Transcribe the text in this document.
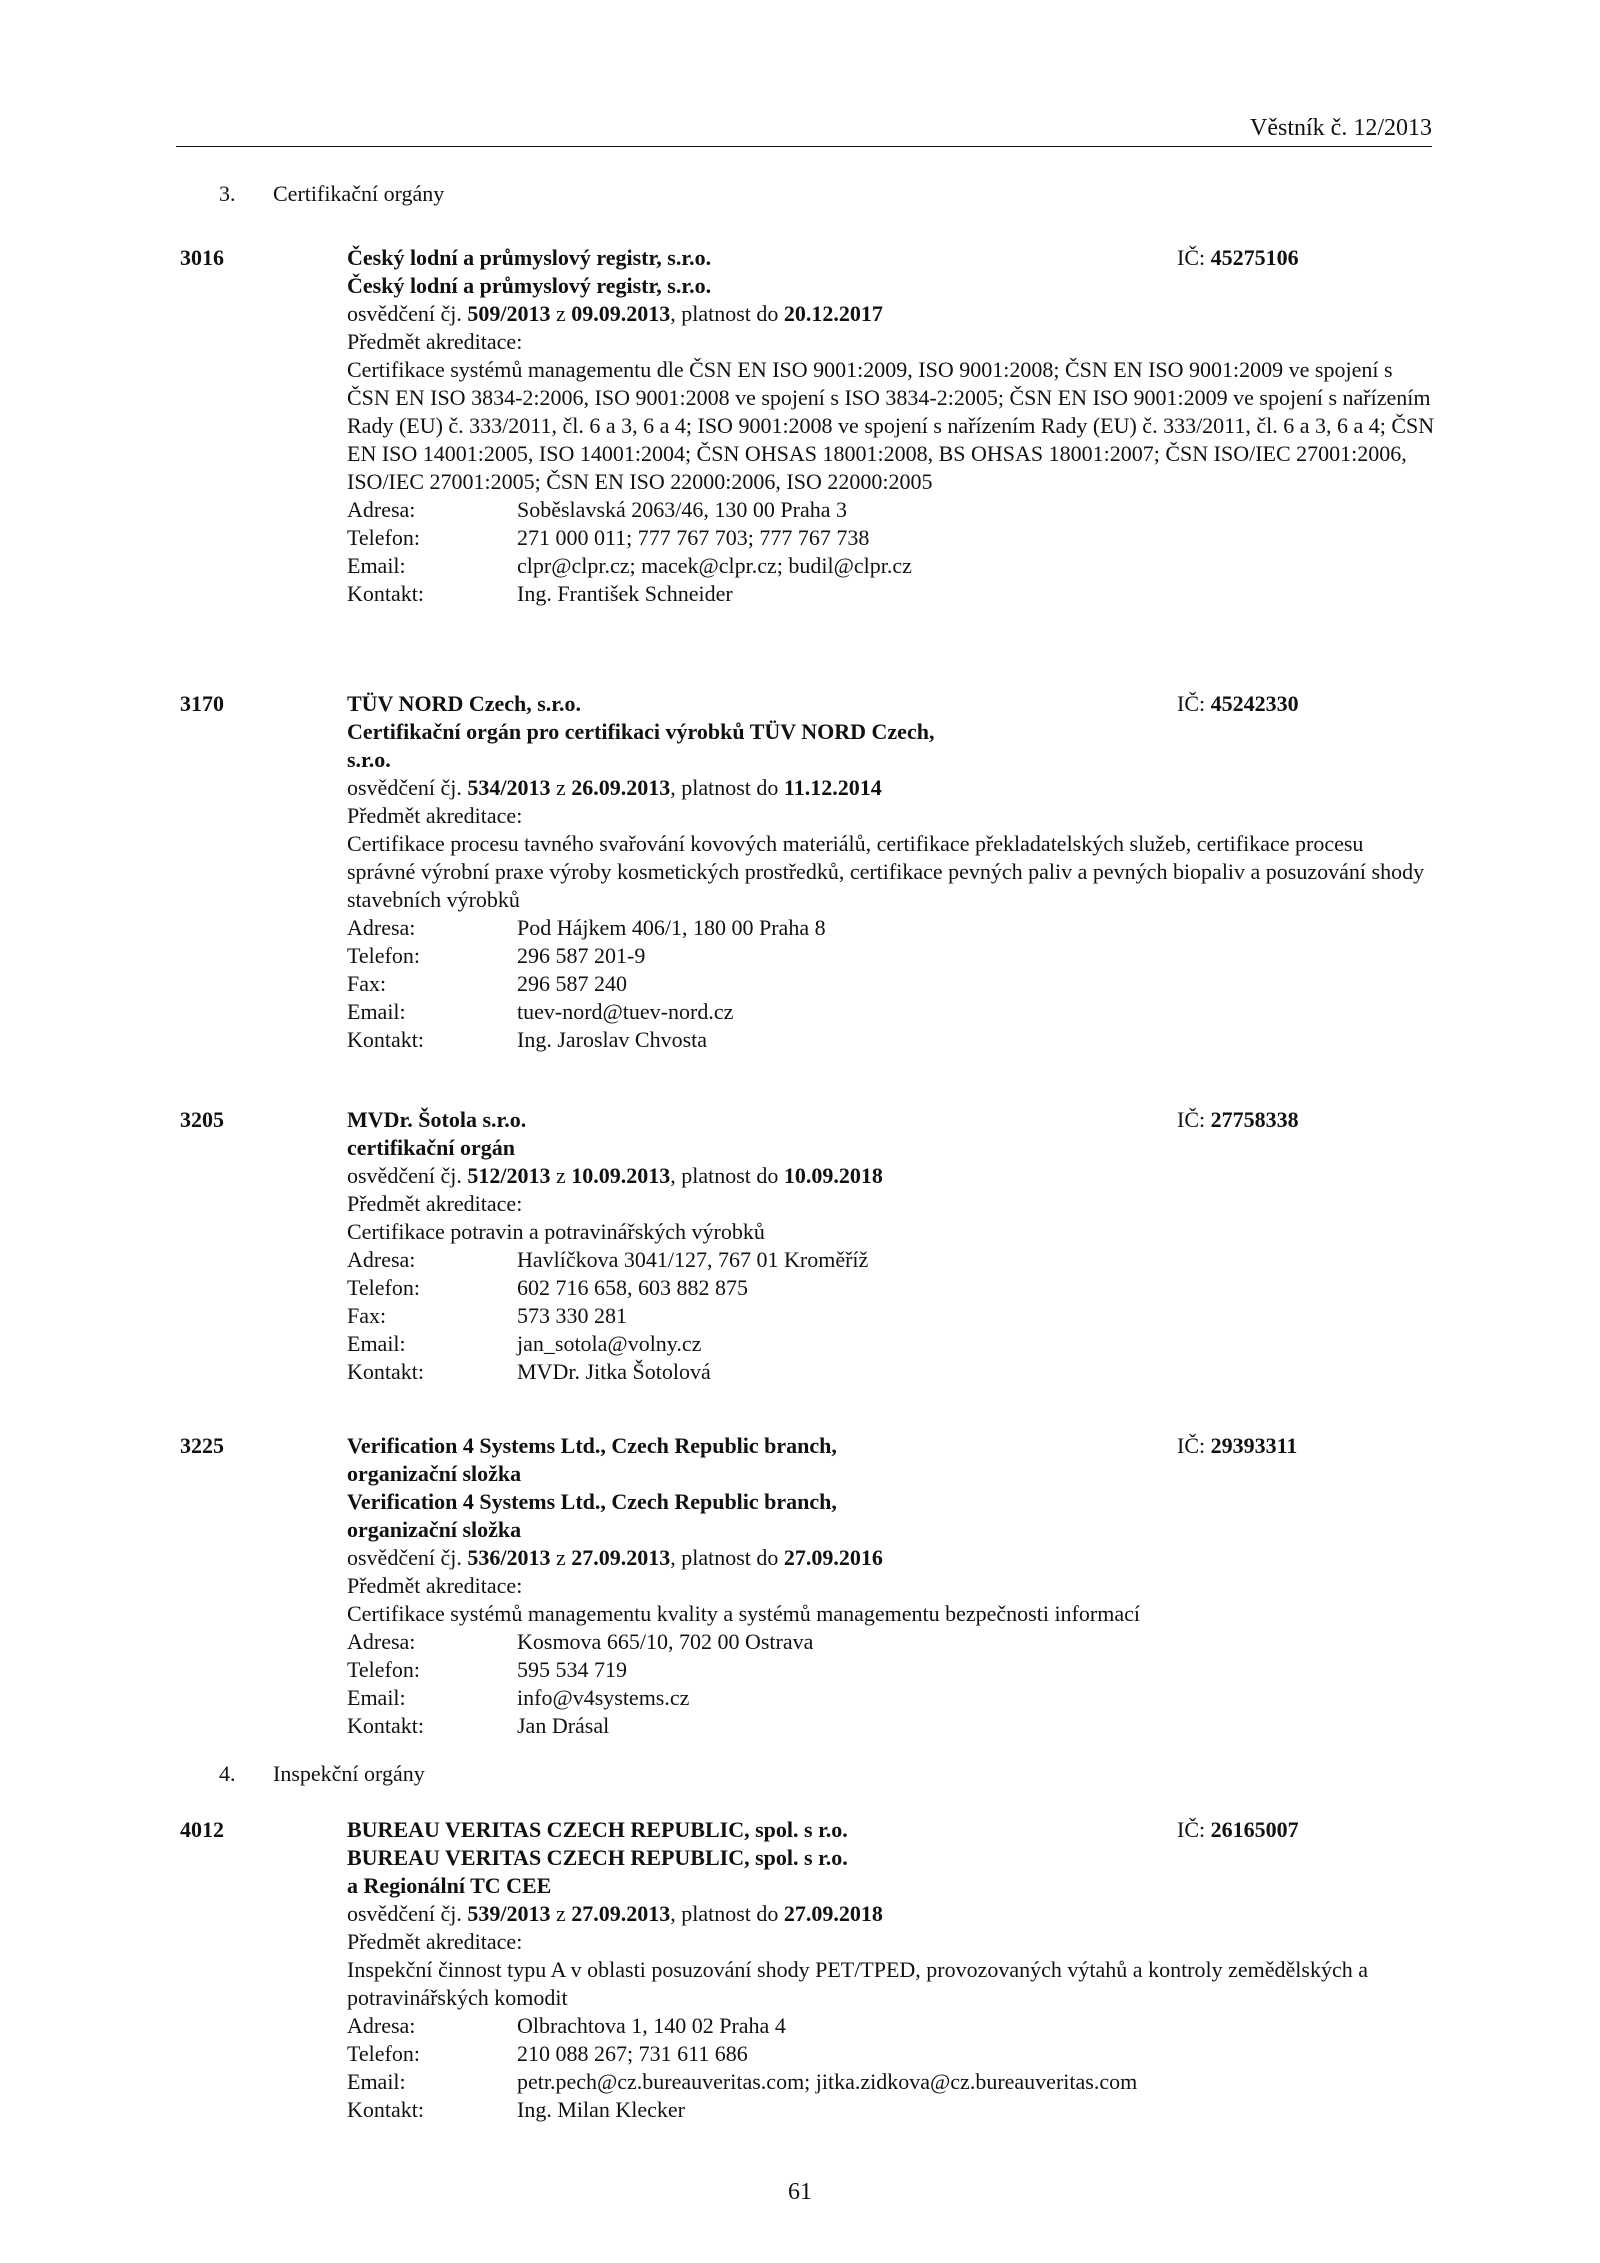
Věstník č. 12/2013
3. Certifikační orgány
3016	IČ: 45275106
Český lodní a průmyslový registr, s.r.o.
Český lodní a průmyslový registr, s.r.o.
osvědčení čj. 509/2013 z 09.09.2013, platnost do 20.12.2017
Předmět akreditace:
Certifikace systémů managementu dle ČSN EN ISO 9001:2009, ISO 9001:2008; ČSN EN ISO 9001:2009 ve spojení s ČSN EN ISO 3834-2:2006, ISO 9001:2008 ve spojení s ISO 3834-2:2005; ČSN EN ISO 9001:2009 ve spojení s nařízením Rady (EU) č. 333/2011, čl. 6 a 3, 6 a 4; ISO 9001:2008 ve spojení s nařízením Rady (EU) č. 333/2011, čl. 6 a 3, 6 a 4; ČSN EN ISO 14001:2005, ISO 14001:2004; ČSN OHSAS 18001:2008, BS OHSAS 18001:2007; ČSN ISO/IEC 27001:2006, ISO/IEC 27001:2005; ČSN EN ISO 22000:2006, ISO 22000:2005
Adresa:	Soběslavská 2063/46, 130 00 Praha 3
Telefon:	271 000 011; 777 767 703; 777 767 738
Email:	clpr@clpr.cz; macek@clpr.cz; budil@clpr.cz
Kontakt:	Ing. František Schneider
3170	IČ: 45242330
TÜV NORD Czech, s.r.o.
Certifikační orgán pro certifikaci výrobků TÜV NORD Czech,
s.r.o.
osvědčení čj. 534/2013 z 26.09.2013, platnost do 11.12.2014
Předmět akreditace:
Certifikace procesu tavného svařování kovových materiálů, certifikace překladatelských služeb, certifikace procesu správné výrobní praxe výroby kosmetických prostředků, certifikace pevných paliv a pevných biopaliv a posuzování shody stavebních výrobků
Adresa:	Pod Hájkem 406/1, 180 00 Praha 8
Telefon:	296 587 201-9
Fax:	296 587 240
Email:	tuev-nord@tuev-nord.cz
Kontakt:	Ing. Jaroslav Chvosta
3205	IČ: 27758338
MVDr. Šotola s.r.o.
certifikační orgán
osvědčení čj. 512/2013 z 10.09.2013, platnost do 10.09.2018
Předmět akreditace:
Certifikace potravin a potravinářských výrobků
Adresa:	Havlíčkova 3041/127, 767 01 Kroměříž
Telefon:	602 716 658, 603 882 875
Fax:	573 330 281
Email:	jan_sotola@volny.cz
Kontakt:	MVDr. Jitka Šotolová
3225	IČ: 29393311
Verification 4 Systems Ltd., Czech Republic branch,
organizační složka
Verification 4 Systems Ltd., Czech Republic branch,
organizační složka
osvědčení čj. 536/2013 z 27.09.2013, platnost do 27.09.2016
Předmět akreditace:
Certifikace systémů managementu kvality a systémů managementu bezpečnosti informací
Adresa:	Kosmova 665/10, 702 00 Ostrava
Telefon:	595 534 719
Email:	info@v4systems.cz
Kontakt:	Jan Drásal
4. Inspekční orgány
4012	IČ: 26165007
BUREAU VERITAS CZECH REPUBLIC, spol. s r.o.
BUREAU VERITAS CZECH REPUBLIC, spol. s r.o.
a Regionální TC CEE
osvědčení čj. 539/2013 z 27.09.2013, platnost do 27.09.2018
Předmět akreditace:
Inspekční činnost typu A v oblasti posuzování shody PET/TPED, provozovaných výtahů a kontroly zemědělských a potravinářských komodit
Adresa:	Olbrachtova 1, 140 02 Praha 4
Telefon:	210 088 267; 731 611 686
Email:	petr.pech@cz.bureauveritas.com; jitka.zidkova@cz.bureauveritas.com
Kontakt:	Ing. Milan Klecker
61
